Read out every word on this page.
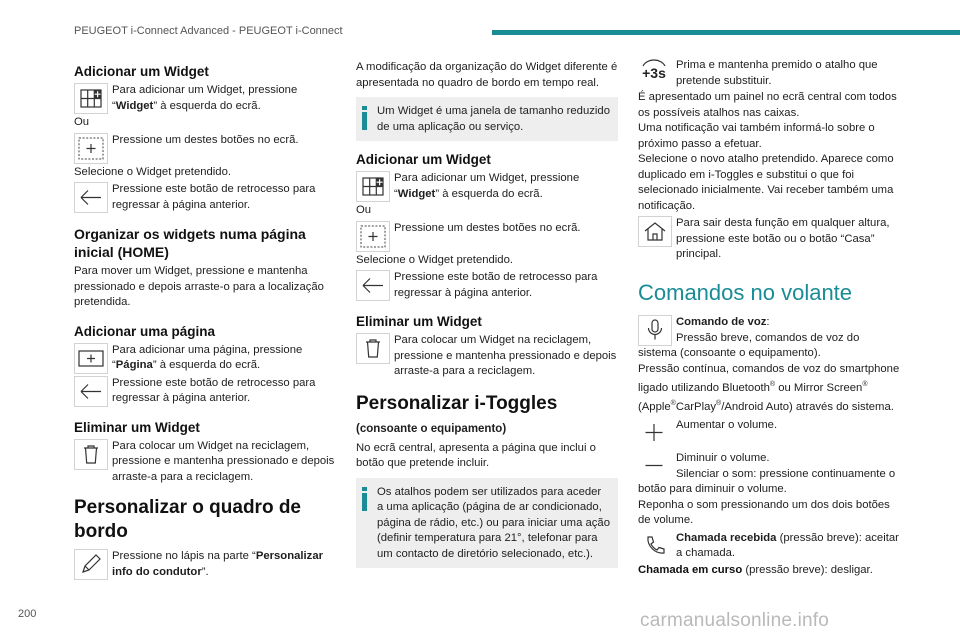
PEUGEOT i-Connect Advanced - PEUGEOT i-Connect
Adicionar um Widget
Para adicionar um Widget, pressione “Widget” à esquerda do ecrã.
Ou
Pressione um destes botões no ecrã.
Selecione o Widget pretendido.
Pressione este botão de retrocesso para regressar à página anterior.
Organizar os widgets numa página inicial (HOME)
Para mover um Widget, pressione e mantenha pressionado e depois arraste-o para a localização pretendida.
Adicionar uma página
Para adicionar uma página, pressione “Página” à esquerda do ecrã.
Pressione este botão de retrocesso para regressar à página anterior.
Eliminar um Widget
Para colocar um Widget na reciclagem, pressione e mantenha pressionado e depois arraste-a para a reciclagem.
Personalizar o quadro de bordo
Pressione no lápis na parte “Personalizar info do condutor”.
A modificação da organização do Widget diferente é apresentada no quadro de bordo em tempo real.
Um Widget é uma janela de tamanho reduzido de uma aplicação ou serviço.
Adicionar um Widget
Para adicionar um Widget, pressione “Widget” à esquerda do ecrã.
Ou
Pressione um destes botões no ecrã.
Selecione o Widget pretendido.
Pressione este botão de retrocesso para regressar à página anterior.
Eliminar um Widget
Para colocar um Widget na reciclagem, pressione e mantenha pressionado e depois arraste-a para a reciclagem.
Personalizar i-Toggles
(consoante o equipamento)
No ecrã central, apresenta a página que inclui o botão que pretende incluir.
Os atalhos podem ser utilizados para aceder a uma aplicação (página de ar condicionado, página de rádio, etc.) ou para iniciar uma ação (definir temperatura para 21°, telefonar para um contacto de diretório selecionado, etc.).
+3s Prima e mantenha premido o atalho que pretende substituir.
É apresentado um painel no ecrã central com todos os possíveis atalhos nas caixas.
Uma notificação vai também informá-lo sobre o próximo passo a efetuar.
Selecione o novo atalho pretendido. Aparece como duplicado em i-Toggles e substitui o que foi selecionado inicialmente. Vai receber também uma notificação.
Para sair desta função em qualquer altura, pressione este botão ou o botão “Casa” principal.
Comandos no volante
Comando de voz:
Pressão breve, comandos de voz do sistema (consoante o equipamento).
Pressão contínua, comandos de voz do smartphone ligado utilizando Bluetooth® ou Mirror Screen® (Apple®CarPlay®/Android Auto) através do sistema.
Aumentar o volume.
Diminuir o volume.
Silenciar o som: pressione continuamente o botão para diminuir o volume.
Reponha o som pressionando um dos dois botões de volume.
Chamada recebida (pressão breve): aceitar a chamada.
Chamada em curso (pressão breve): desligar.
200	carmanualsonline.info
